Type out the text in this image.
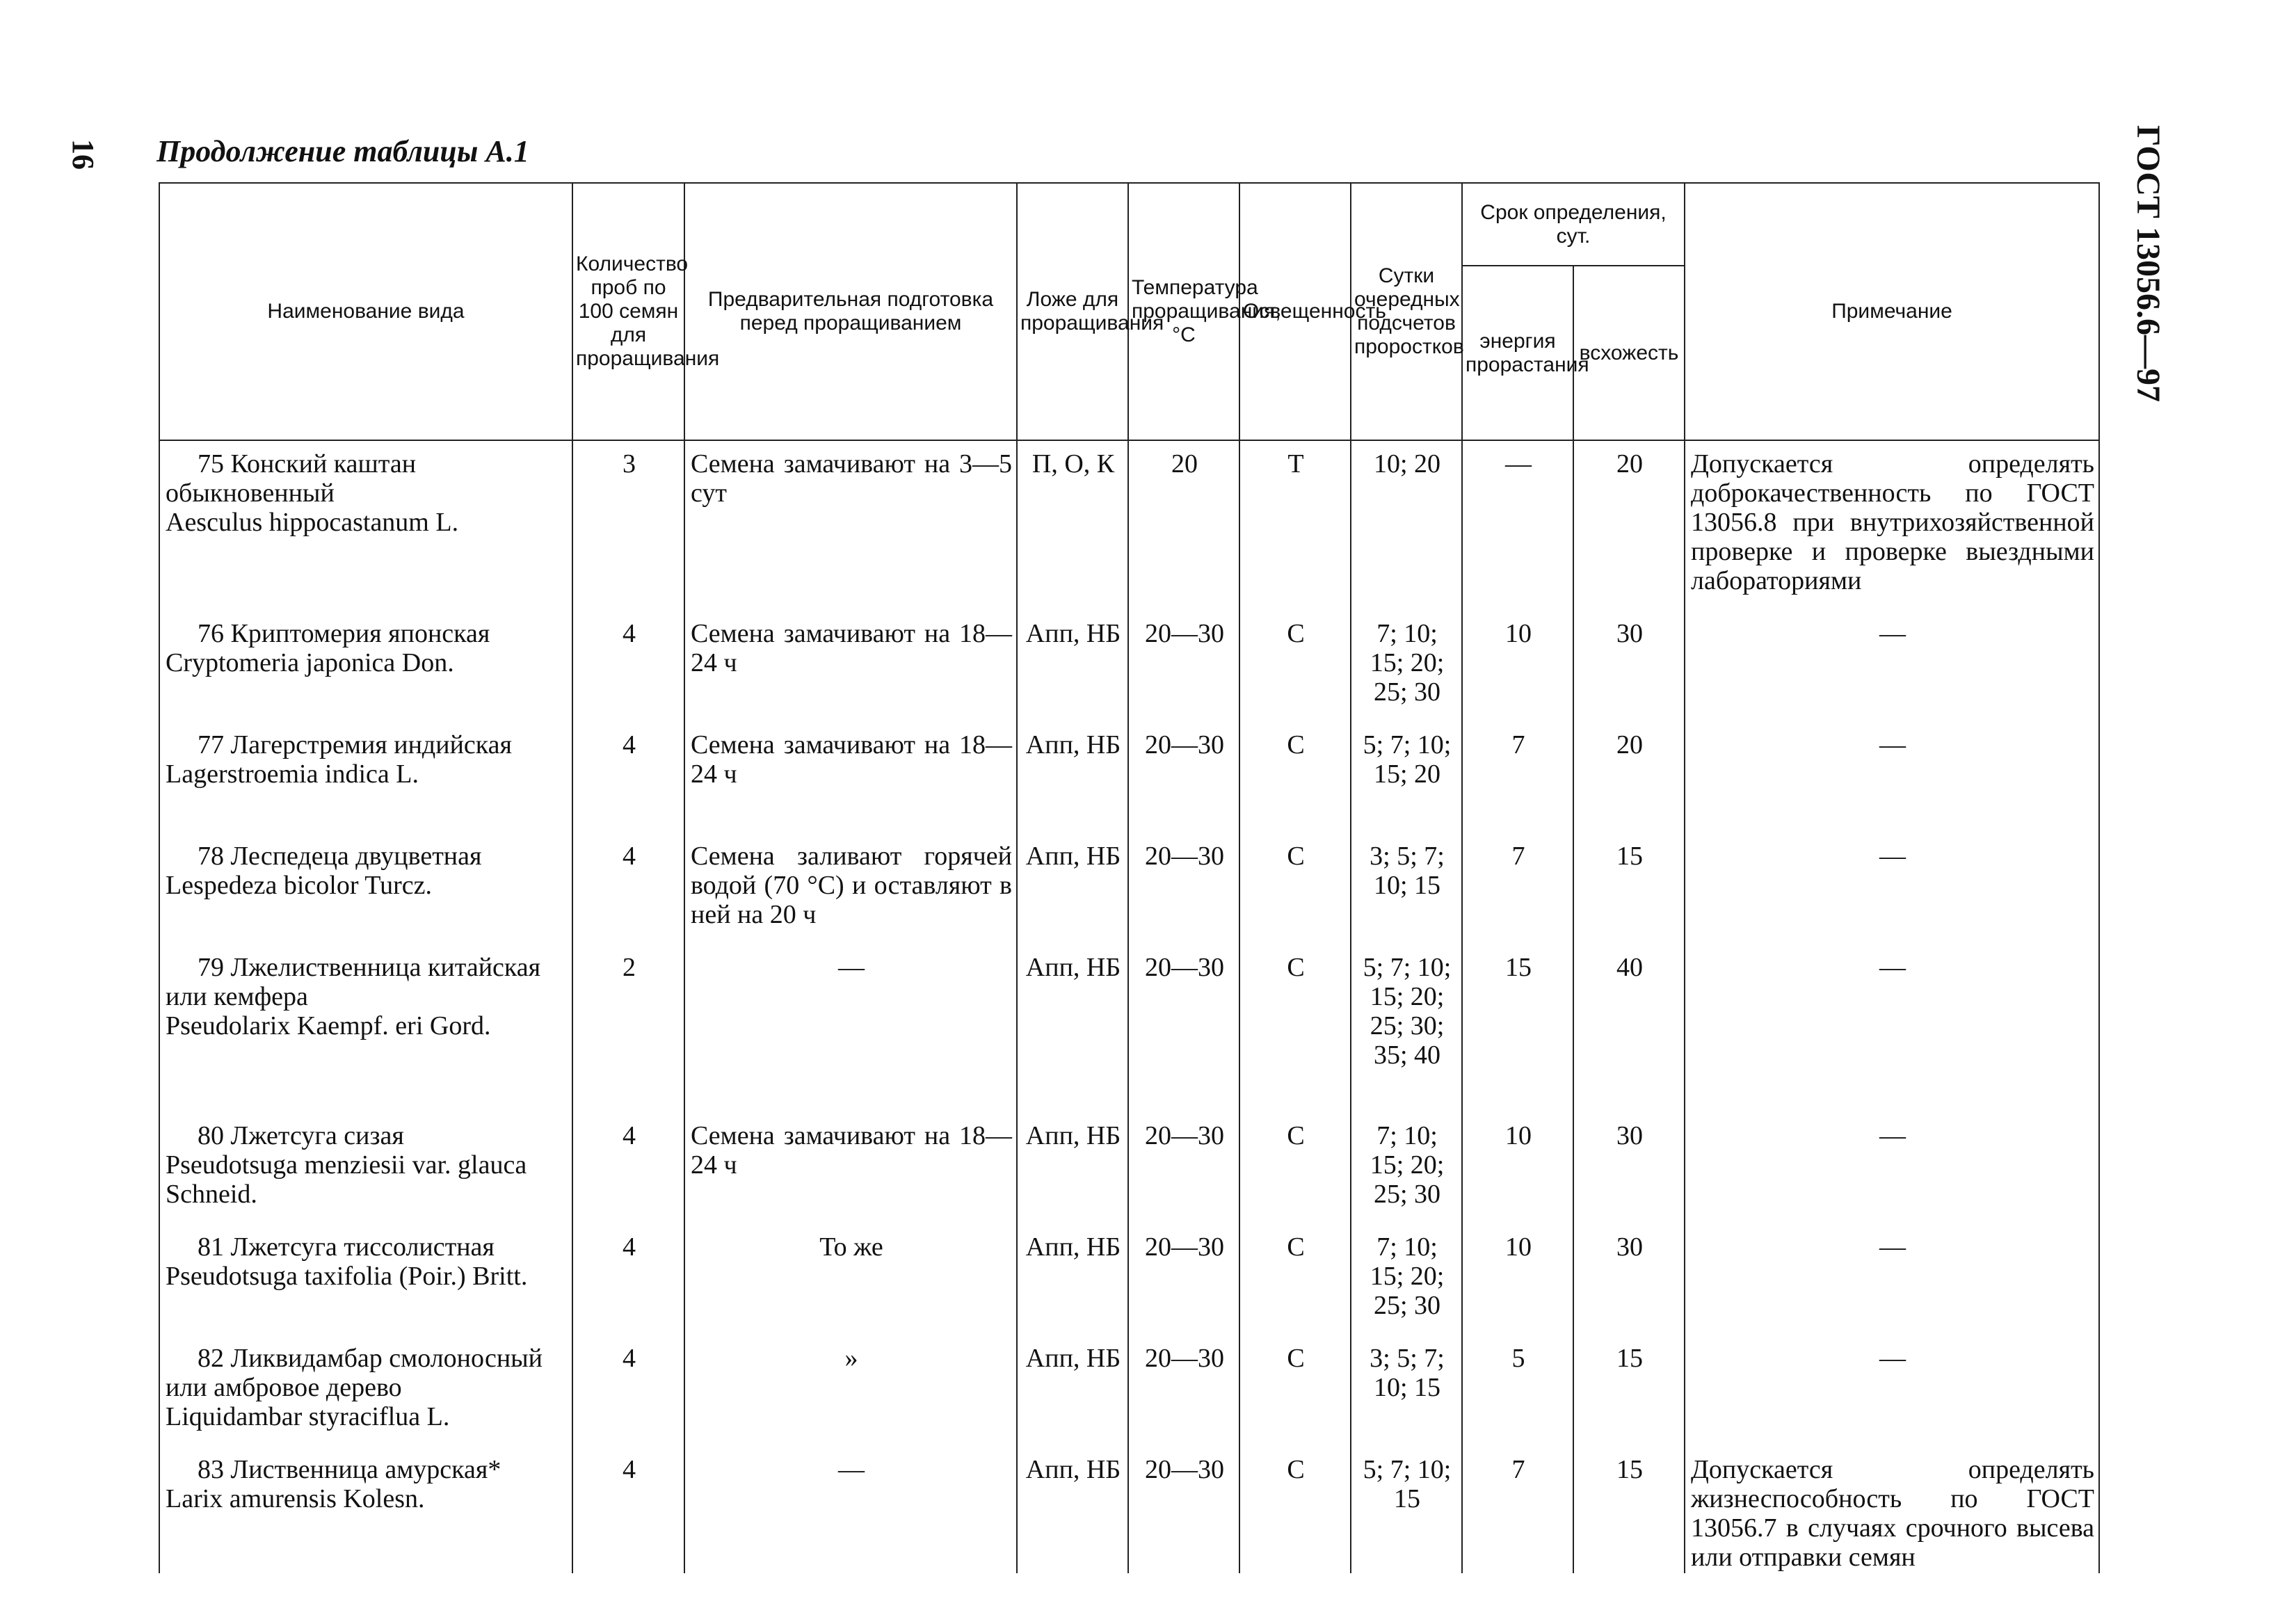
16 Продолжение таблицы А.1	ГОСТ 13056.6—97
Наименование вида	Количество проб по 100 семян для проращивания	Предварительная подготовка перед проращиванием	Ложе для проращивания	Температура проращивания, °С	Освещенность	Сутки очередных подсчетов проростков	Срок определения, сут.		Примечание
							энергия прорастания	всхожесть	

75 Конский каштан обыкновенный
Aesculus hippocastanum L.	3	Семена замачивают на 3—5 сут	П, О, К	20	Т	10; 20	—	20	Допускается определять доброкачественность по ГОСТ 13056.8 при внутрихозяйственной проверке и проверке выездными лабораториями

76 Криптомерия японская
Cryptomeria japonica Don.	4	Семена замачивают на 18—24 ч	Апп, НБ	20—30	С	7; 10; 15; 20; 25; 30	10	30	—

77 Лагерстремия индийская
Lagerstroemia indica L.	4	Семена замачивают на 18—24 ч	Апп, НБ	20—30	С	5; 7; 10; 15; 20	7	20	—

78 Леспедеца двуцветная
Lespedeza bicolor Turcz.	4	Семена заливают горячей водой (70 °С) и оставляют в ней на 20 ч	Апп, НБ	20—30	С	3; 5; 7; 10; 15	7	15	—

79 Лжелиственница китайская или кемфера
Pseudolarix Kaempf. eri Gord.	2	—	Апп, НБ	20—30	С	5; 7; 10; 15; 20; 25; 30; 35; 40	15	40	—

80 Лжетсуга сизая
Pseudotsuga menziesii var. glauca Schneid.	4	Семена замачивают на 18—24 ч	Апп, НБ	20—30	С	7; 10; 15; 20; 25; 30	10	30	—

81 Лжетсуга тиссолистная
Pseudotsuga taxifolia (Poir.) Britt.	4	То же	Апп, НБ	20—30	С	7; 10; 15; 20; 25; 30	10	30	—

82 Ликвидамбар смолоносный или амбровое дерево
Liquidambar styraciflua L.	4	»	Апп, НБ	20—30	С	3; 5; 7; 10; 15	5	15	—

83 Лиственница амурская*
Larix amurensis Kolesn.	4	—	Апп, НБ	20—30	С	5; 7; 10; 15	7	15	Допускается определять жизнеспособность по ГОСТ 13056.7 в случаях срочного высева или отправки семян
